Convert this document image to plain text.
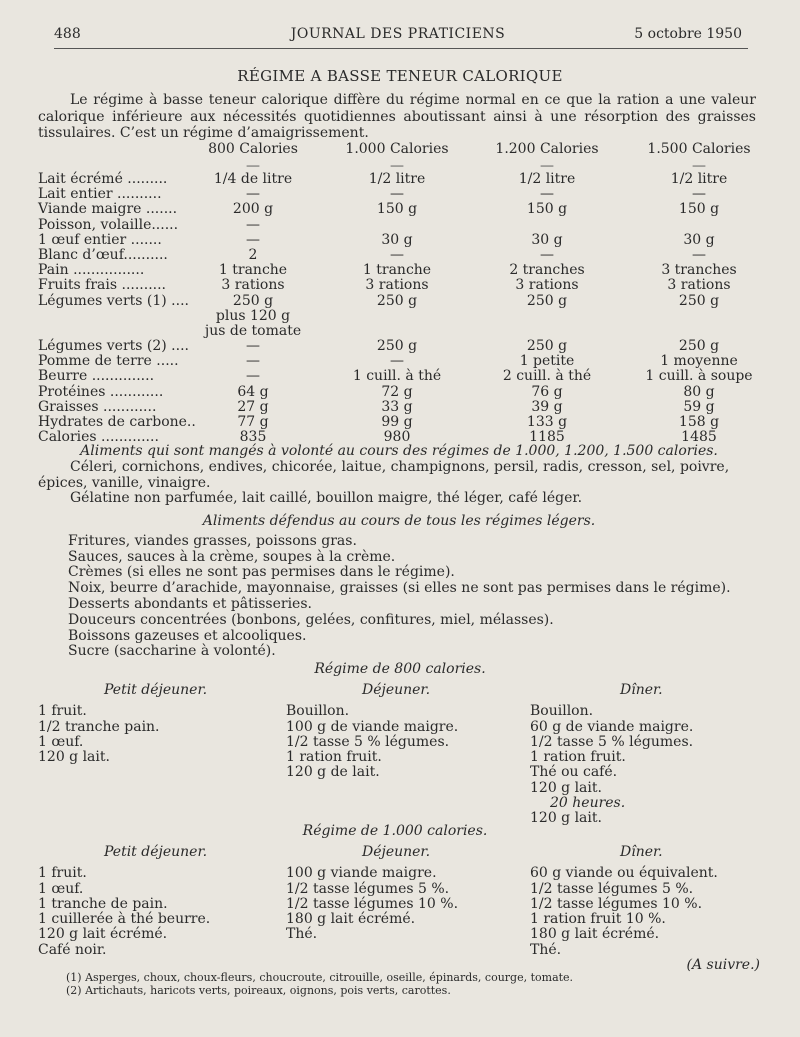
488	JOURNAL DES PRATICIENS	5 octobre 1950
RÉGIME A BASSE TENEUR CALORIQUE
Le régime à basse teneur calorique diffère du régime normal en ce que la ration a une valeur calorique inférieure aux nécessités quotidiennes aboutissant ainsi à une résorption des graisses tissulaires. C’est un régime d’amaigrissement.
800 Calories	1.000 Calories	1.200 Calories	1.500 Calories
—	—	—	—
Lait écrémé .........	1/4 de litre	1/2 litre	1/2 litre	1/2 litre
Lait entier ..........	—	—	—	—
Viande maigre .......	200 g	150 g	150 g	150 g
Poisson, volaille......	—
1 œuf entier .......	—	30 g	30 g	30 g
Blanc d’œuf..........	2	—	—	—
Pain ................	1 tranche	1 tranche	2 tranches	3 tranches
Fruits frais ..........	3 rations	3 rations	3 rations	3 rations
Légumes verts (1) ....	250 g	250 g	250 g	250 g
plus 120 g
jus de tomate
Légumes verts (2) ....	—	250 g	250 g	250 g
Pomme de terre .....	—	—	1 petite	1 moyenne
Beurre ..............	—	1 cuill. à thé	2 cuill. à thé	1 cuill. à soupe
Protéines ............	64 g	72 g	76 g	80 g
Graisses ............	27 g	33 g	39 g	59 g
Hydrates de carbone..	77 g	99 g	133 g	158 g
Calories .............	835	980	1185	1485
Aliments qui sont mangés à volonté au cours des régimes de 1.000, 1.200, 1.500 calories.
Céleri, cornichons, endives, chicorée, laitue, champignons, persil, radis, cresson, sel, poivre, épices, vanille, vinaigre.
Gélatine non parfumée, lait caillé, bouillon maigre, thé léger, café léger.
Aliments défendus au cours de tous les régimes légers.
Fritures, viandes grasses, poissons gras.
Sauces, sauces à la crème, soupes à la crème.
Crèmes (si elles ne sont pas permises dans le régime).
Noix, beurre d’arachide, mayonnaise, graisses (si elles ne sont pas permises dans le régime).
Desserts abondants et pâtisseries.
Douceurs concentrées (bonbons, gelées, confitures, miel, mélasses).
Boissons gazeuses et alcooliques.
Sucre (saccharine à volonté).
Régime de 800 calories.
Petit déjeuner.
1 fruit.
1/2 tranche pain.
1 œuf.
120 g lait.
Déjeuner.
Bouillon.
100 g de viande maigre.
1/2 tasse 5 % légumes.
1 ration fruit.
120 g de lait.
Dîner.
Bouillon.
60 g de viande maigre.
1/2 tasse 5 % légumes.
1 ration fruit.
Thé ou café.
120 g lait.
20 heures.
120 g lait.
Régime de 1.000 calories.
Petit déjeuner.
1 fruit.
1 œuf.
1 tranche de pain.
1 cuillerée à thé beurre.
120 g lait écrémé.
Café noir.
Déjeuner.
100 g viande maigre.
1/2 tasse légumes 5 %.
1/2 tasse légumes 10 %.
180 g lait écrémé.
Thé.
Dîner.
60 g viande ou équivalent.
1/2 tasse légumes 5 %.
1/2 tasse légumes 10 %.
1 ration fruit 10 %.
180 g lait écrémé.
Thé.
(A suivre.)
(1) Asperges, choux, choux-fleurs, choucroute, citrouille, oseille, épinards, courge, tomate.
(2) Artichauts, haricots verts, poireaux, oignons, pois verts, carottes.
